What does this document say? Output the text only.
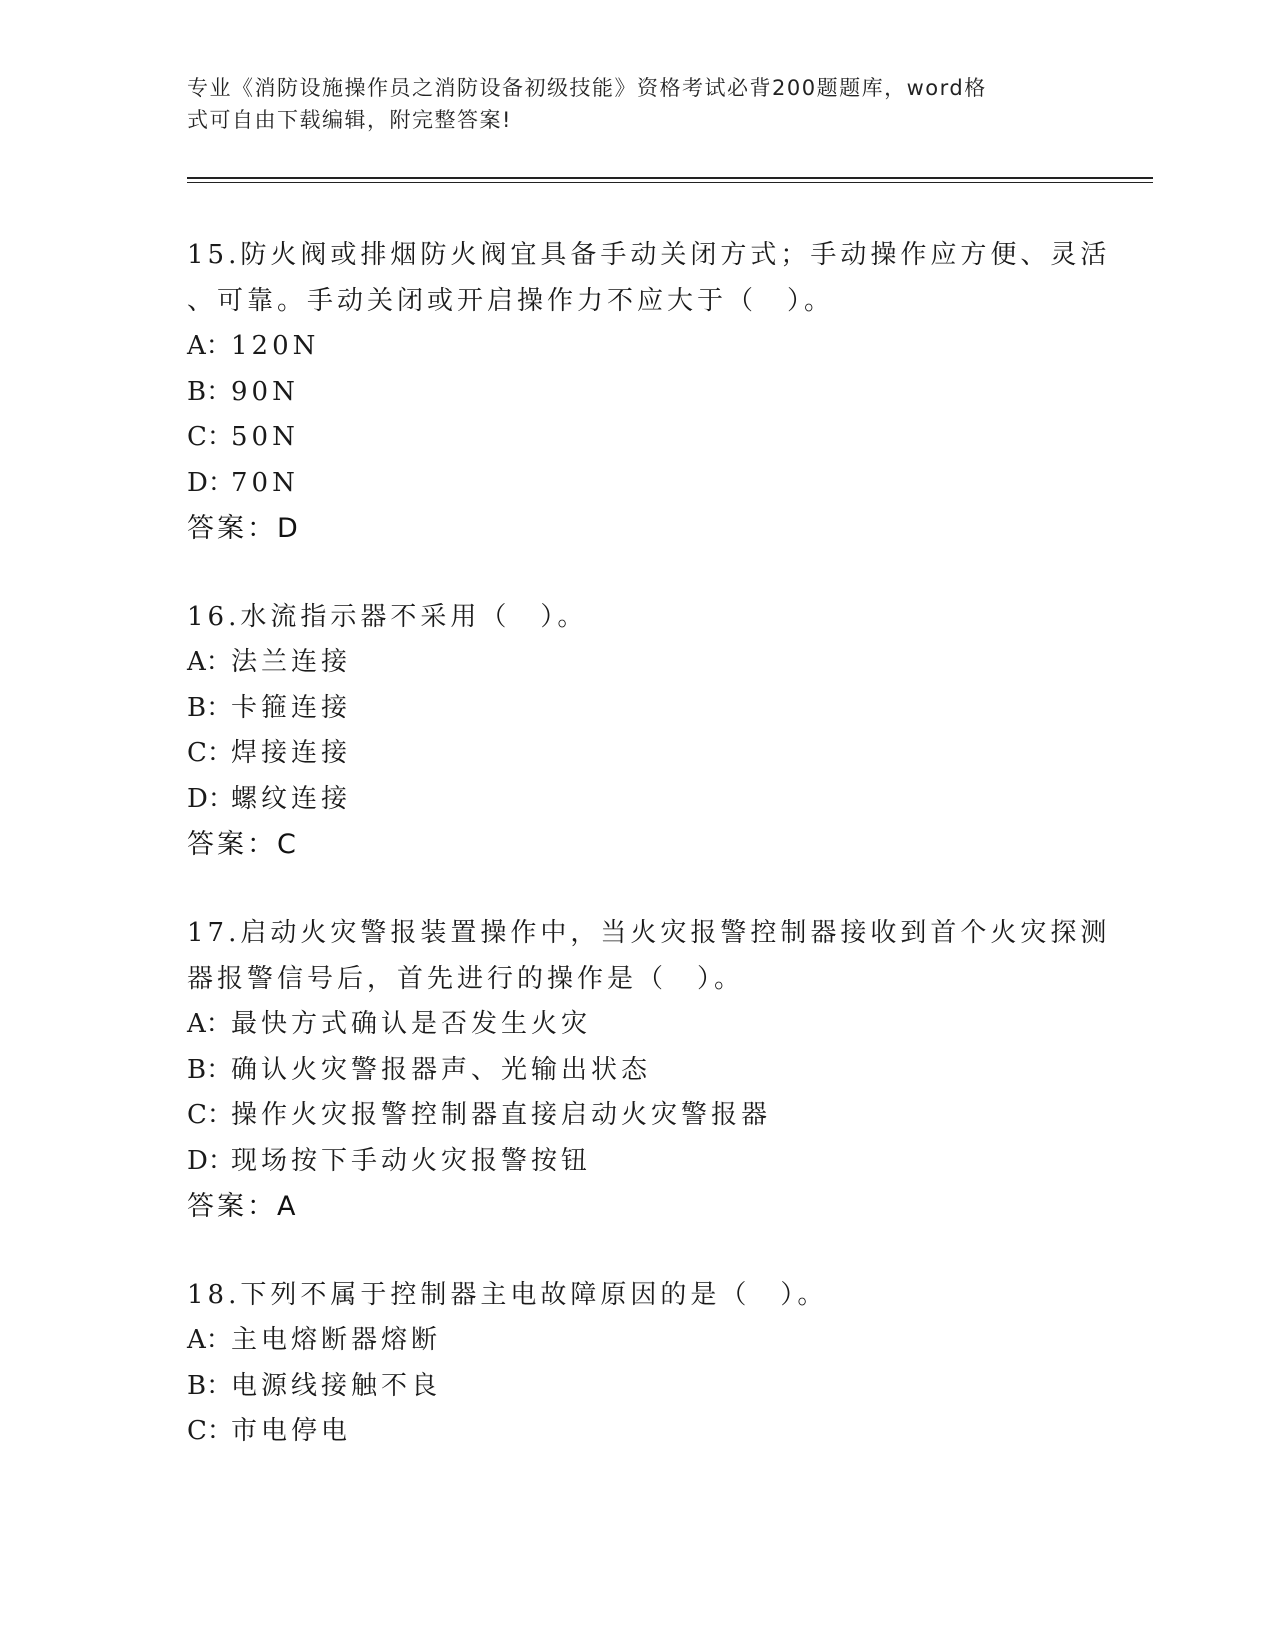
专业《消防设施操作员之消防设备初级技能》资格考试必背200题题库，word格
式可自由下载编辑，附完整答案!
15.防火阀或排烟防火阀宜具备手动关闭方式；手动操作应方便、灵活
、可靠。手动关闭或开启操作力不应大于（　）。
A：120N
B：90N
C：50N
D：70N
答案：D
16.水流指示器不采用（　）。
A：法兰连接
B：卡箍连接
C：焊接连接
D：螺纹连接
答案：C
17.启动火灾警报装置操作中，当火灾报警控制器接收到首个火灾探测
器报警信号后，首先进行的操作是（　）。
A：最快方式确认是否发生火灾
B：确认火灾警报器声、光输出状态
C：操作火灾报警控制器直接启动火灾警报器
D：现场按下手动火灾报警按钮
答案：A
18.下列不属于控制器主电故障原因的是（　）。
A：主电熔断器熔断
B：电源线接触不良
C：市电停电
